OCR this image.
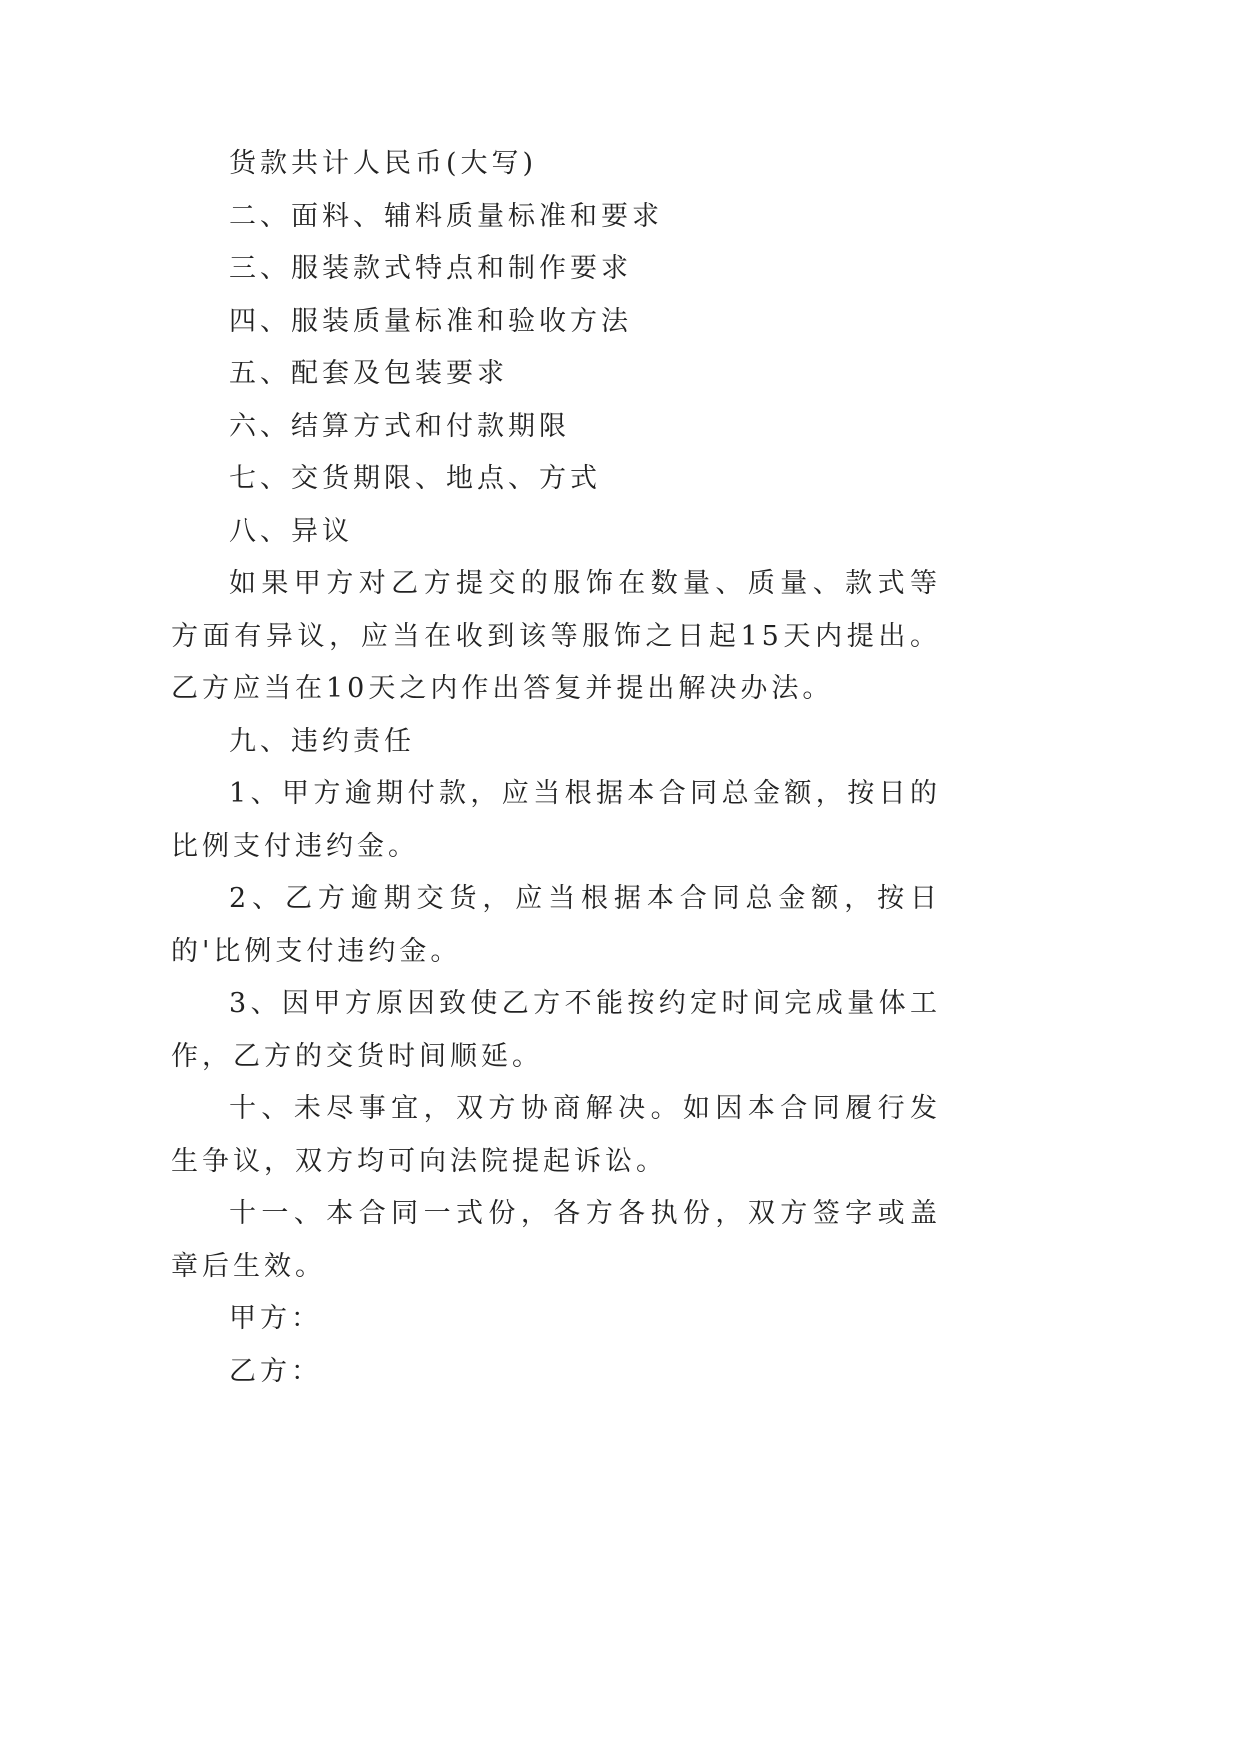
货款共计人民币(大写)

二、面料、辅料质量标准和要求

三、服装款式特点和制作要求

四、服装质量标准和验收方法

五、配套及包装要求

六、结算方式和付款期限

七、交货期限、地点、方式

八、异议

如果甲方对乙方提交的服饰在数量、质量、款式等方面有异议，应当在收到该等服饰之日起15天内提出。乙方应当在10天之内作出答复并提出解决办法。

九、违约责任

1、甲方逾期付款，应当根据本合同总金额，按日的比例支付违约金。

2、乙方逾期交货，应当根据本合同总金额，按日的'比例支付违约金。

3、因甲方原因致使乙方不能按约定时间完成量体工作，乙方的交货时间顺延。

十、未尽事宜，双方协商解决。如因本合同履行发生争议，双方均可向法院提起诉讼。

十一、本合同一式份，各方各执份，双方签字或盖章后生效。

甲方：

乙方：
